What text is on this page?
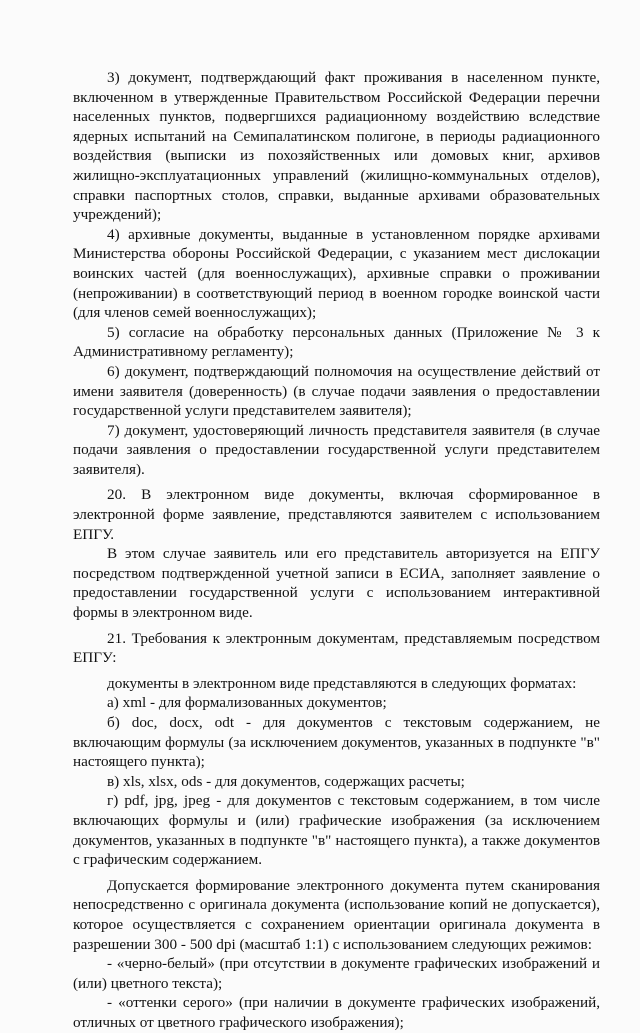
3) документ, подтверждающий факт проживания в населенном пункте, включенном в утвержденные Правительством Российской Федерации перечни населенных пунктов, подвергшихся радиационному воздействию вследствие ядерных испытаний на Семипалатинском полигоне, в периоды радиационного воздействия (выписки из похозяйственных или домовых книг, архивов жилищно-эксплуатационных управлений (жилищно-коммунальных отделов), справки паспортных столов, справки, выданные архивами образовательных учреждений);

4) архивные документы, выданные в установленном порядке архивами Министерства обороны Российской Федерации, с указанием мест дислокации воинских частей (для военнослужащих), архивные справки о проживании (непроживании) в соответствующий период в военном городке воинской части (для членов семей военнослужащих);

5) согласие на обработку персональных данных (Приложение № 3 к Административному регламенту);

6) документ, подтверждающий полномочия на осуществление действий от имени заявителя (доверенность) (в случае подачи заявления о предоставлении государственной услуги представителем заявителя);

7) документ, удостоверяющий личность представителя заявителя (в случае подачи заявления о предоставлении государственной услуги представителем заявителя).

20. В электронном виде документы, включая сформированное в электронной форме заявление, представляются заявителем с использованием ЕПГУ.

В этом случае заявитель или его представитель авторизуется на ЕПГУ посредством подтвержденной учетной записи в ЕСИА, заполняет заявление о предоставлении государственной услуги с использованием интерактивной формы в электронном виде.

21. Требования к электронным документам, представляемым посредством ЕПГУ:

документы в электронном виде представляются в следующих форматах:

а) xml - для формализованных документов;

б) doc, docx, odt - для документов с текстовым содержанием, не включающим формулы (за исключением документов, указанных в подпункте "в" настоящего пункта);

в) xls, xlsx, ods - для документов, содержащих расчеты;

г) pdf, jpg, jpeg - для документов с текстовым содержанием, в том числе включающих формулы и (или) графические изображения (за исключением документов, указанных в подпункте "в" настоящего пункта), а также документов с графическим содержанием.

Допускается формирование электронного документа путем сканирования непосредственно с оригинала документа (использование копий не допускается), которое осуществляется с сохранением ориентации оригинала документа в разрешении 300 - 500 dpi (масштаб 1:1) с использованием следующих режимов:

- «черно-белый» (при отсутствии в документе графических изображений и (или) цветного текста);

- «оттенки серого» (при наличии в документе графических изображений, отличных от цветного графического изображения);
